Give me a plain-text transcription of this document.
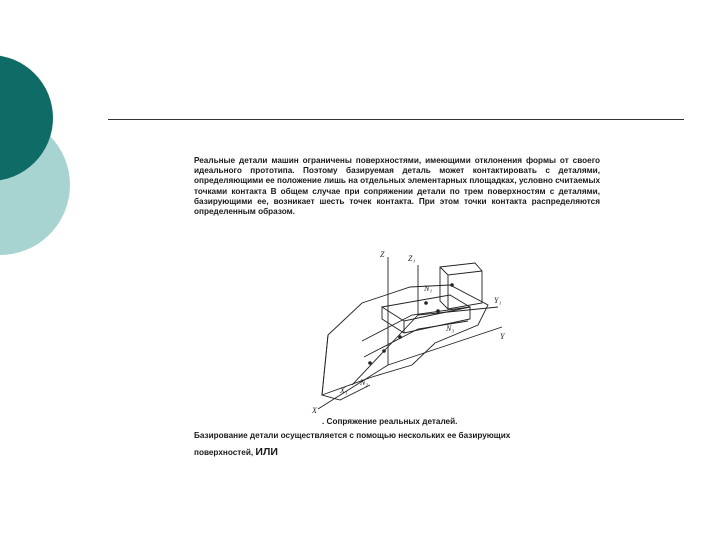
Реальные детали машин ограничены поверхностями, имеющими отклонения формы от своего идеального прототипа. Поэтому базируемая деталь может контактировать с деталями, определяющими ее положение лишь на отдельных элементарных площадках, условно считаемых точками контакта В общем случае при сопряжении детали по трем поверхностям с деталями, базирующими ее, возникает шесть точек контакта. При этом точки контакта распределяются определенным образом.

Z	Z₁
Y
Y₁
X
X₁
N₁
N₂
N₃

. Сопряжение реальных деталей.

Базирование детали осуществляется с помощью нескольких ее базирующих
поверхностей, ИЛИ
